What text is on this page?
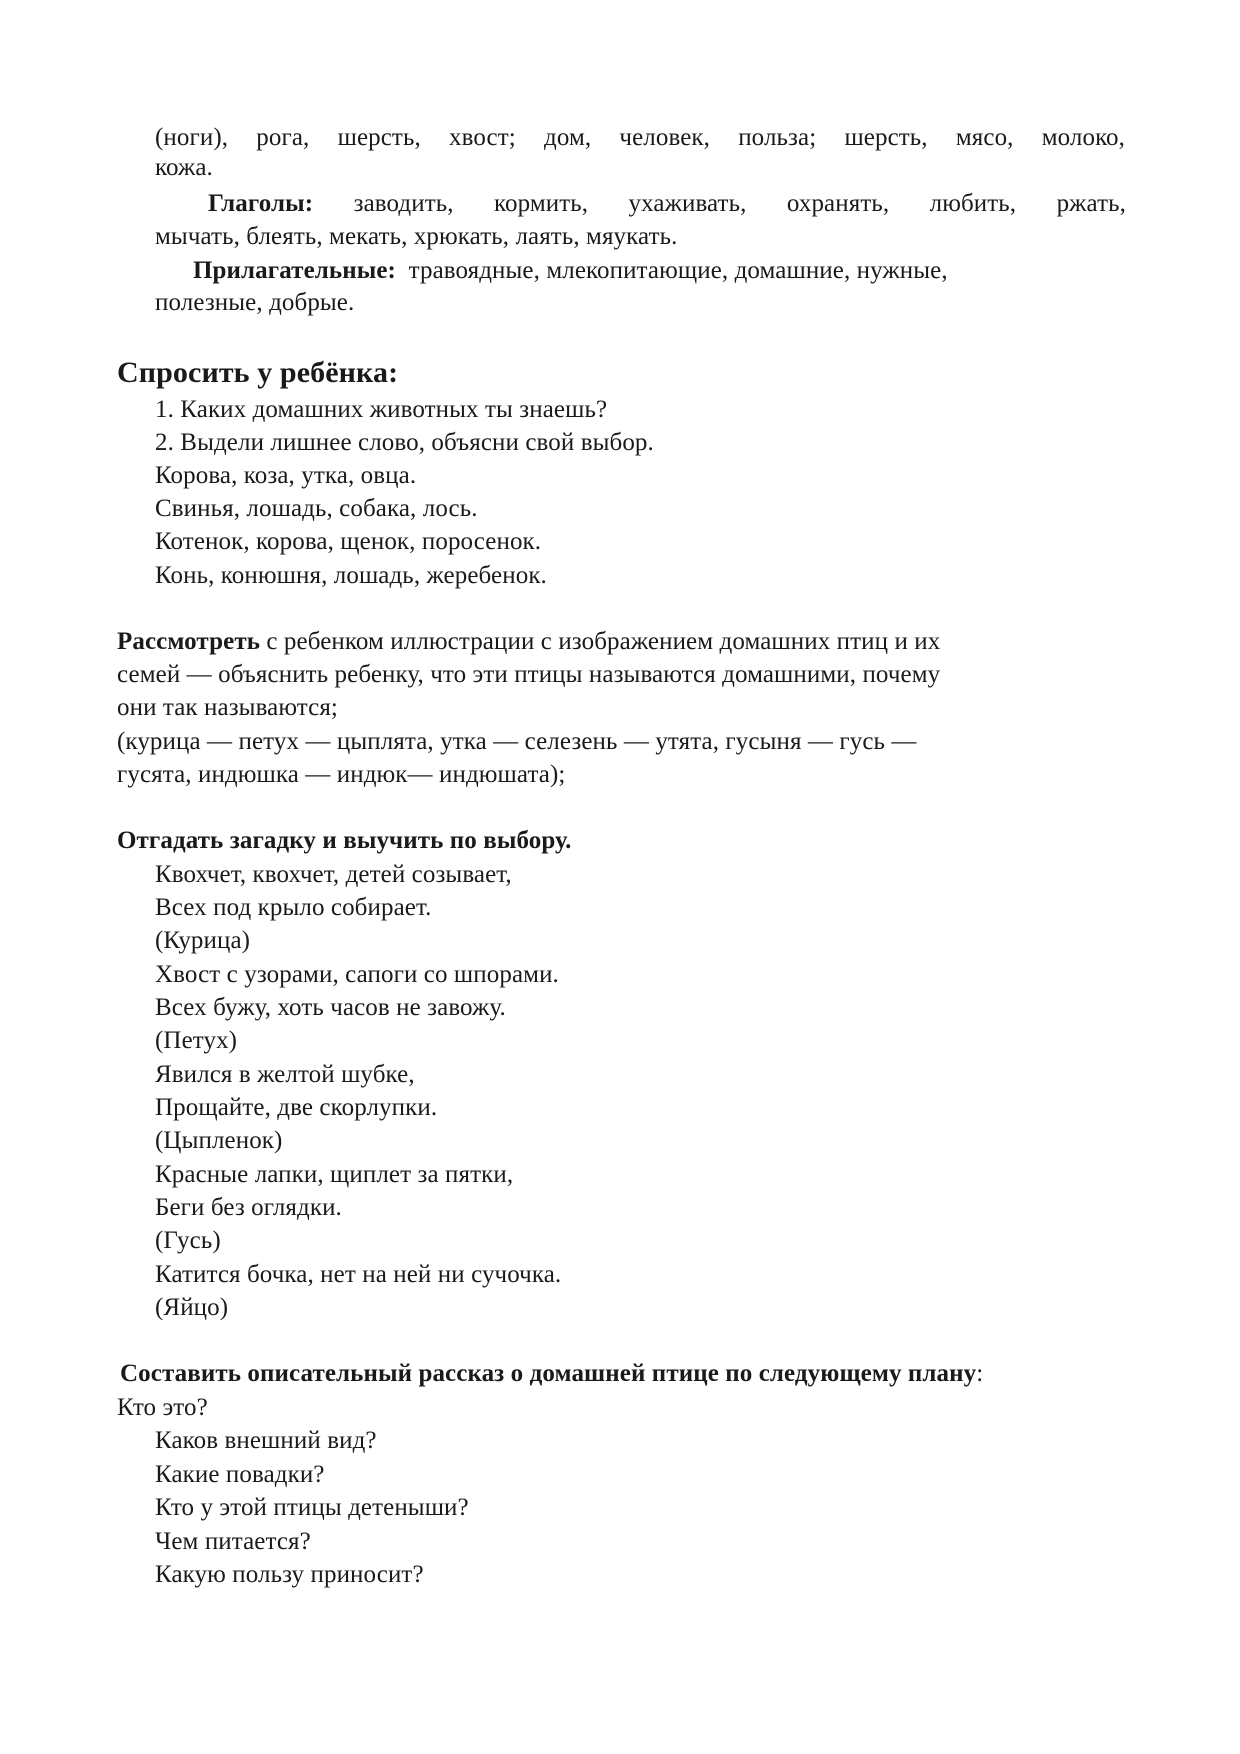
(ноги), рога, шерсть, хвост; дом, человек, польза; шерсть, мясо, молоко,
кожа.
Глаголы: заводить, кормить, ухаживать, охранять, любить, ржать,
мычать, блеять, мекать, хрюкать, лаять, мяукать.
Прилагательные: травоядные, млекопитающие, домашние, нужные,
полезные, добрые.
Спросить у ребёнка:
1. Каких домашних животных ты знаешь?
2. Выдели лишнее слово, объясни свой выбор.
Корова, коза, утка, овца.
Свинья, лошадь, собака, лось.
Котенок, корова, щенок, поросенок.
Конь, конюшня, лошадь, жеребенок.
Рассмотреть с ребенком иллюстрации с изображением домашних птиц и их
семей — объяснить ребенку, что эти птицы называются домашними, почему
они так называются;
(курица — петух — цыплята, утка — селезень — утята, гусыня — гусь —
гусята, индюшка — индюк— индюшата);
Отгадать загадку и выучить по выбору.
Квохчет, квохчет, детей созывает,
Всех под крыло собирает.
(Курица)
Хвост с узорами, сапоги со шпорами.
Всех бужу, хоть часов не завожу.
(Петух)
Явился в желтой шубке,
Прощайте, две скорлупки.
(Цыпленок)
Красные лапки, щиплет за пятки,
Беги без оглядки.
(Гусь)
Катится бочка, нет на ней ни сучочка.
(Яйцо)
Составить описательный рассказ о домашней птице по следующему плану:
Кто это?
Каков внешний вид?
Какие повадки?
Кто у этой птицы детеныши?
Чем питается?
Какую пользу приносит?
